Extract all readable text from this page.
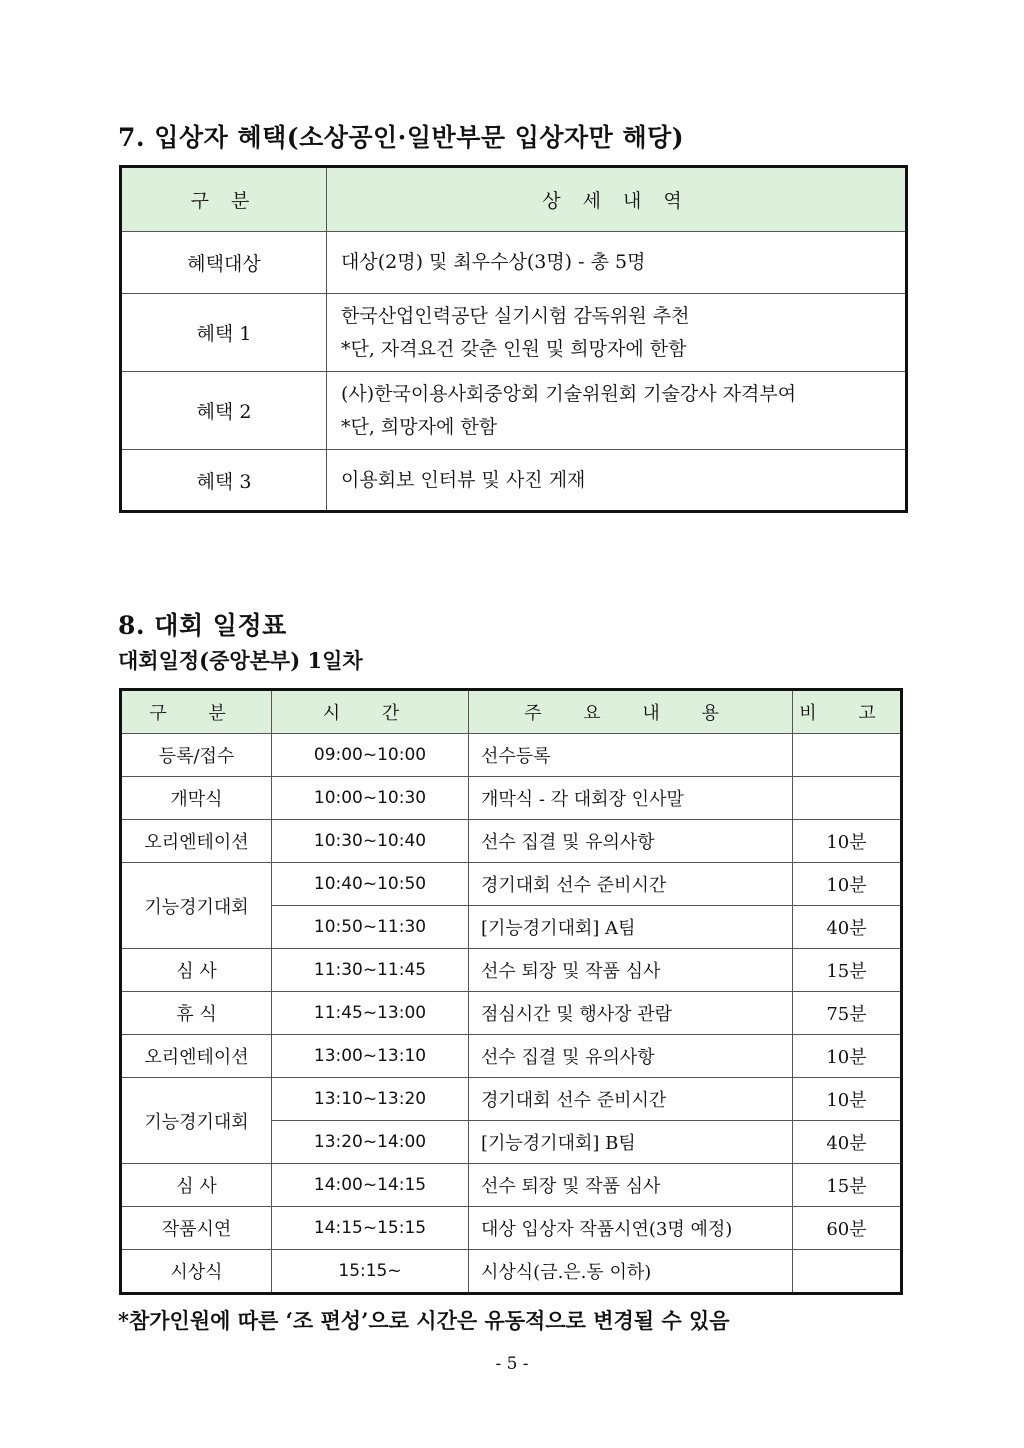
7. 입상자 혜택(소상공인·일반부문 입상자만 해당)
구 분	상 세 내 역
혜택대상	대상(2명) 및 최우수상(3명) - 총 5명

혜택 1	한국산업인력공단 실기시험 감독위원 추천
*단, 자격요건 갖춘 인원 및 희망자에 한함

혜택 2	(사)한국이용사회중앙회 기술위원회 기술강사 자격부여
*단, 희망자에 한함

혜택 3	이용회보 인터뷰 및 사진 게재
8. 대회 일정표
대회일정(중앙본부) 1일차
구 분	시 간	주 요 내 용	비 고
등록/접수	09:00~10:00	선수등록	
개막식	10:00~10:30	개막식 - 각 대회장 인사말	
오리엔테이션	10:30~10:40	선수 집결 및 유의사항	10분
기능경기대회	10:40~10:50	경기대회 선수 준비시간	10분
	10:50~11:30	[기능경기대회] A팀	40분
심 사	11:30~11:45	선수 퇴장 및 작품 심사	15분
휴 식	11:45~13:00	점심시간 및 행사장 관람	75분
오리엔테이션	13:00~13:10	선수 집결 및 유의사항	10분
기능경기대회	13:10~13:20	경기대회 선수 준비시간	10분
	13:20~14:00	[기능경기대회] B팀	40분
심 사	14:00~14:15	선수 퇴장 및 작품 심사	15분
작품시연	14:15~15:15	대상 입상자 작품시연(3명 예정)	60분
시상식	15:15~	시상식(금.은.동 이하)	
*참가인원에 따른 ‘조 편성’으로 시간은 유동적으로 변경될 수 있음
- 5 -
